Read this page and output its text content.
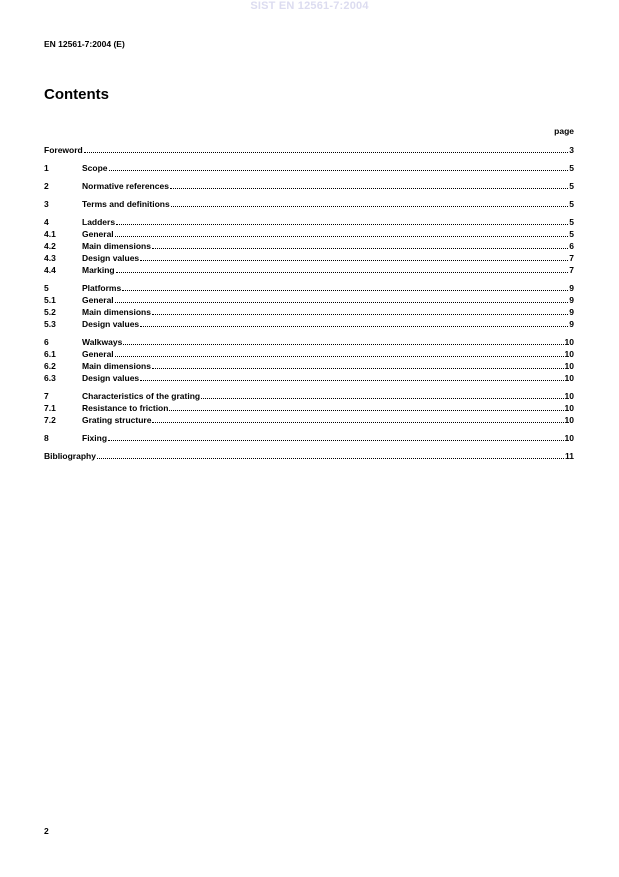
SIST EN 12561-7:2004
EN 12561-7:2004 (E)
Contents
page
Foreword	3
1	Scope	5
2	Normative references	5
3	Terms and definitions	5
4	Ladders	5
4.1	General	5
4.2	Main dimensions	6
4.3	Design values	7
4.4	Marking	7
5	Platforms	9
5.1	General	9
5.2	Main dimensions	9
5.3	Design values	9
6	Walkways	10
6.1	General	10
6.2	Main dimensions	10
6.3	Design values	10
7	Characteristics of the grating	10
7.1	Resistance to friction	10
7.2	Grating structure	10
8	Fixing	10
Bibliography	11
2
